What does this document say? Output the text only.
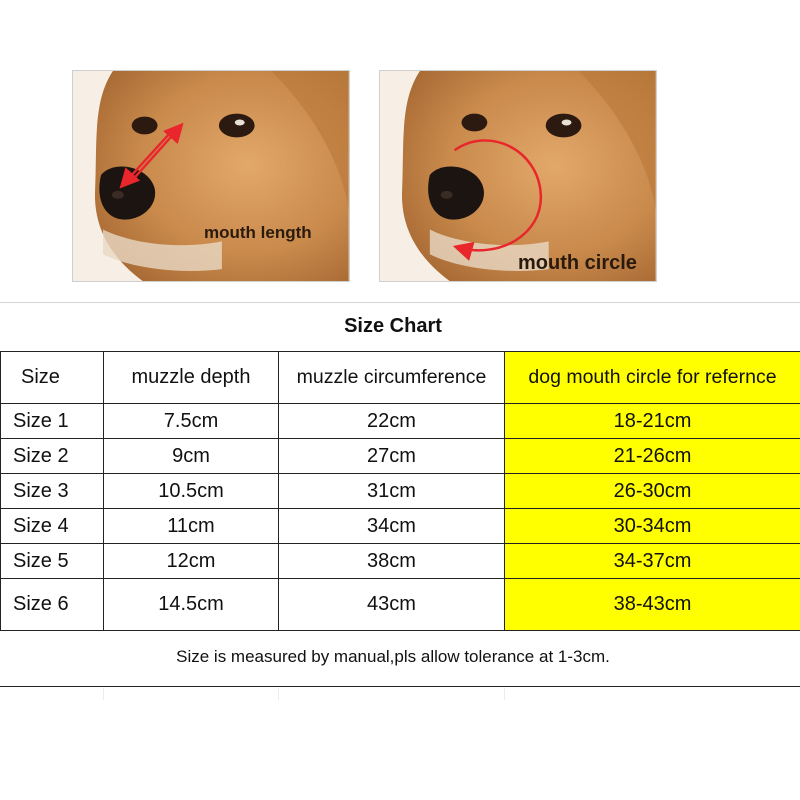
mouth length
mouth circle
Size Chart
Size	muzzle depth	muzzle circumference	dog mouth circle for refernce
Size 1	7.5cm	22cm	18-21cm
Size 2	9cm	27cm	21-26cm
Size 3	10.5cm	31cm	26-30cm
Size 4	11cm	34cm	30-34cm
Size 5	12cm	38cm	34-37cm
Size 6	14.5cm	43cm	38-43cm
Size is measured by manual,pls allow tolerance at 1-3cm.
